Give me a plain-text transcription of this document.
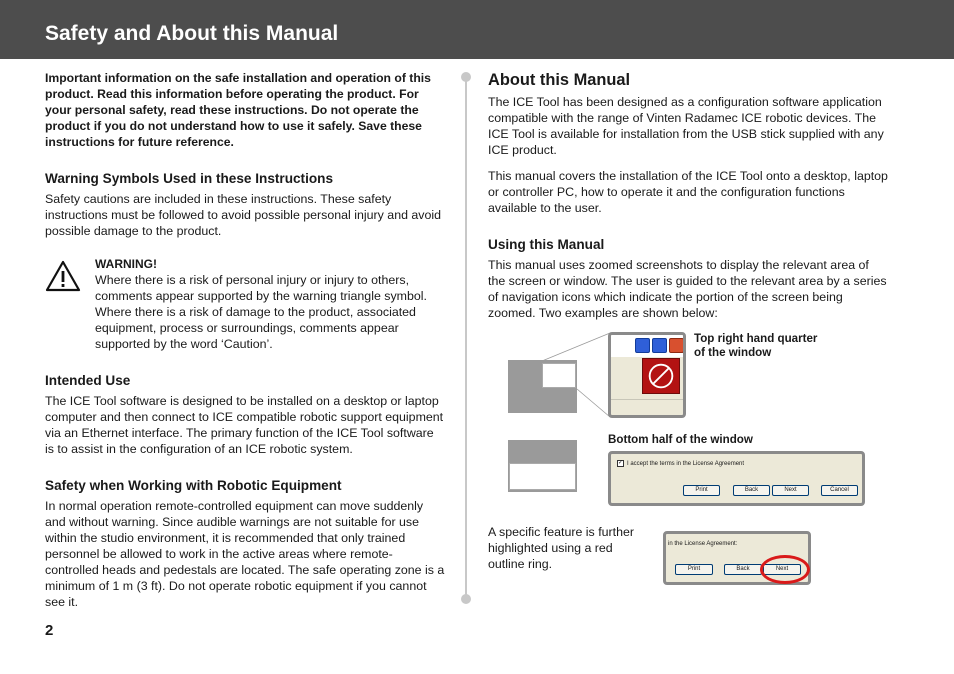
Safety and About this Manual

Important information on the safe installation and operation of this product. Read this information before operating the product. For your personal safety, read these instructions. Do not operate the product if you do not understand how to use it safely. Save these instructions for future reference.

Warning Symbols Used in these Instructions

Safety cautions are included in these instructions. These safety instructions must be followed to avoid possible personal injury and avoid possible damage to the product.

WARNING!

Where there is a risk of personal injury or injury to others, comments appear supported by the warning triangle symbol.

Where there is a risk of damage to the product, associated equipment, process or surroundings, comments appear supported by the word ‘Caution’.

Intended Use

The ICE Tool software is designed to be installed on a desktop or laptop computer and then connect to ICE compatible robotic support equipment via an Ethernet interface. The primary function of the ICE Tool software is to assist in the configuration of an ICE robotic system.

Safety when Working with Robotic Equipment

In normal operation remote-controlled equipment can move suddenly and without warning. Since audible warnings are not suitable for use within the studio environment, it is recommended that only trained personnel be allowed to work in the active areas where remote-controlled heads and pedestals are located. The safe operating zone is a minimum of 1 m (3 ft). Do not operate robotic equipment if you cannot see it.

About this Manual

The ICE Tool has been designed as a configuration software application compatible with the range of Vinten Radamec ICE robotic devices. The ICE Tool is available for installation from the USB stick supplied with any ICE product.

This manual covers the installation of the ICE Tool onto a desktop, laptop or controller PC, how to operate it and the configuration functions available to the user.

Using this Manual

This manual uses zoomed screenshots to display the relevant area of the screen or window. The user is guided to the relevant area by a series of navigation icons which indicate the portion of the screen being zoomed. Two examples are shown below:

Top right hand quarter
of the window
Bottom half of the window
✓ I accept the terms in the License Agreement
Print	Back	Next	Cancel

A specific feature is further highlighted using a red outline ring.

in the License Agreement:
Print	Back	Next
2
